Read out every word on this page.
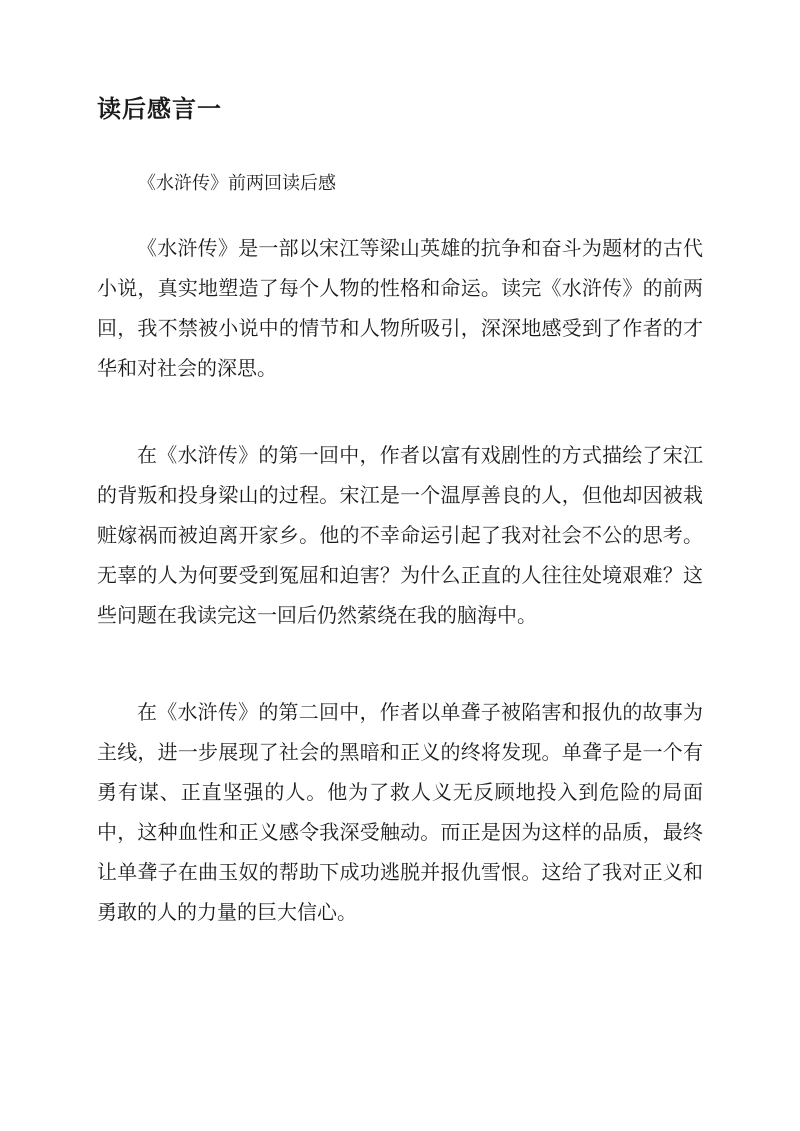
读后感言一

《水浒传》前两回读后感

《水浒传》是一部以宋江等梁山英雄的抗争和奋斗为题材的古代小说，真实地塑造了每个人物的性格和命运。读完《水浒传》的前两回，我不禁被小说中的情节和人物所吸引，深深地感受到了作者的才华和对社会的深思。

在《水浒传》的第一回中，作者以富有戏剧性的方式描绘了宋江的背叛和投身梁山的过程。宋江是一个温厚善良的人，但他却因被栽赃嫁祸而被迫离开家乡。他的不幸命运引起了我对社会不公的思考。无辜的人为何要受到冤屈和迫害？为什么正直的人往往处境艰难？这些问题在我读完这一回后仍然萦绕在我的脑海中。

在《水浒传》的第二回中，作者以单聋子被陷害和报仇的故事为主线，进一步展现了社会的黑暗和正义的终将发现。单聋子是一个有勇有谋、正直坚强的人。他为了救人义无反顾地投入到危险的局面中，这种血性和正义感令我深受触动。而正是因为这样的品质，最终让单聋子在曲玉奴的帮助下成功逃脱并报仇雪恨。这给了我对正义和勇敢的人的力量的巨大信心。
